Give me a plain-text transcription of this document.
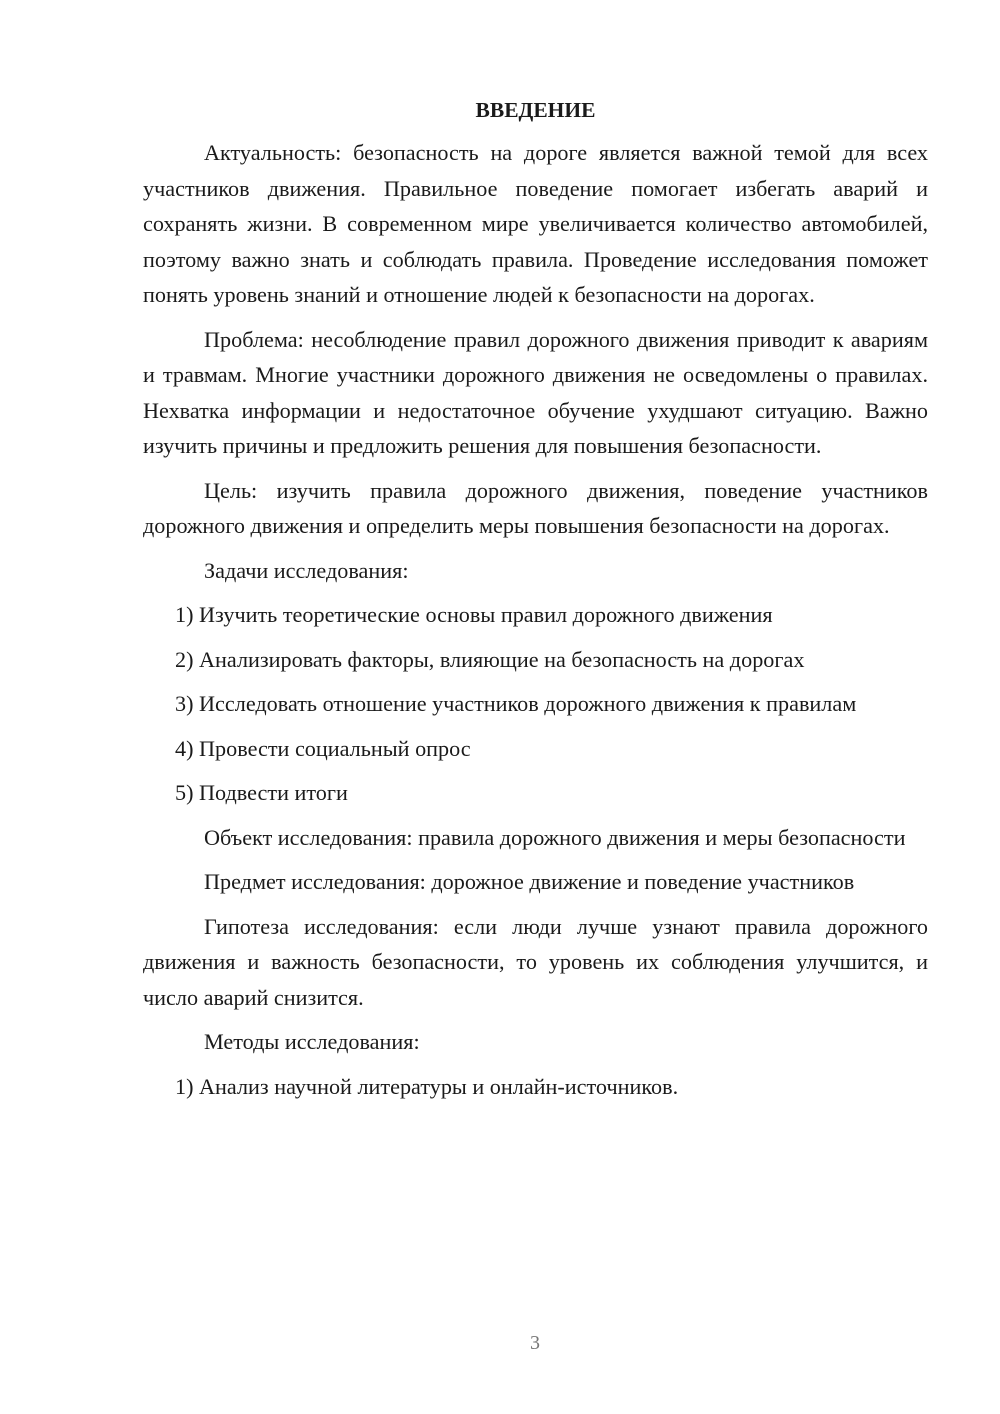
ВВЕДЕНИЕ

Актуальность: безопасность на дороге является важной темой для всех участников движения. Правильное поведение помогает избегать аварий и сохранять жизни. В современном мире увеличивается количество автомобилей, поэтому важно знать и соблюдать правила. Проведение исследования поможет понять уровень знаний и отношение людей к безопасности на дорогах.

Проблема: несоблюдение правил дорожного движения приводит к авариям и травмам. Многие участники дорожного движения не осведомлены о правилах. Нехватка информации и недостаточное обучение ухудшают ситуацию. Важно изучить причины и предложить решения для повышения безопасности.

Цель: изучить правила дорожного движения, поведение участников дорожного движения и определить меры повышения безопасности на дорогах.

Задачи исследования:

1) Изучить теоретические основы правил дорожного движения

2) Анализировать факторы, влияющие на безопасность на дорогах

3) Исследовать отношение участников дорожного движения к правилам

4) Провести социальный опрос

5) Подвести итоги

Объект исследования: правила дорожного движения и меры безопасности

Предмет исследования: дорожное движение и поведение участников

Гипотеза исследования: если люди лучше узнают правила дорожного движения и важность безопасности, то уровень их соблюдения улучшится, и число аварий снизится.

Методы исследования:

1) Анализ научной литературы и онлайн-источников.

3
